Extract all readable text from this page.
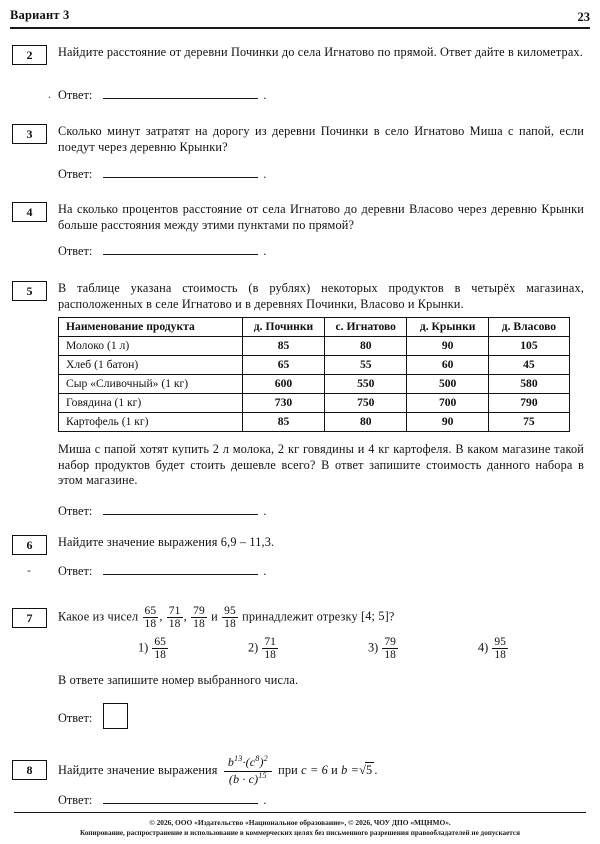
Вариант 3	23
2	Найдите расстояние от деревни Починки до села Игнатово по прямой. Ответ дайте в километрах.
. Ответ:	.
3	Сколько минут затратят на дорогу из деревни Починки в село Игнатово Миша с папой, если поедут через деревню Крынки?
Ответ:	.
4	На сколько процентов расстояние от села Игнатово до деревни Власово через деревню Крынки больше расстояния между этими пунктами по прямой?
Ответ:	.
5	В таблице указана стоимость (в рублях) некоторых продуктов в четырёх магазинах, расположенных в селе Игнатово и в деревнях Починки, Власово и Крынки.
Наименование продукта	д. Починки	с. Игнатово	д. Крынки	д. Власово
Молоко (1 л)	85	80	90	105
Хлеб (1 батон)	65	55	60	45
Сыр «Сливочный» (1 кг)	600	550	500	580
Говядина (1 кг)	730	750	700	790
Картофель (1 кг)	85	80	90	75
Миша с папой хотят купить 2 л молока, 2 кг говядины и 4 кг картофеля. В каком магазине такой набор продуктов будет стоить дешевле всего? В ответ запишите стоимость данного набора в этом магазине.
Ответ:	.
6	Найдите значение выражения 6,9 – 11,3.
- Ответ:	.
7	Какое из чисел $\frac{65}{18}$ , $\frac{71}{18}$ , $\frac{79}{18}$ и $\frac{95}{18}$ принадлежит отрезку [4; 5]?
$1) \frac{65}{18}$	$2) \frac{71}{18}$	$3) \frac{79}{18}$	$4) \frac{95}{18}$
В ответе запишите номер выбранного числа.
Ответ:
8	Найдите значение выражения $\frac{b^{13}\cdot(c^8)^2}{(b \cdot c)^{15}}$ при c = 6 и b =√5 .
Ответ:	.
© 2026, ООО «Издательство «Национальное образование», © 2026, ЧОУ ДПО «МЦНМО».
Копирование, распространение и использование в коммерческих целях без письменного разрешения правообладателей не допускается
